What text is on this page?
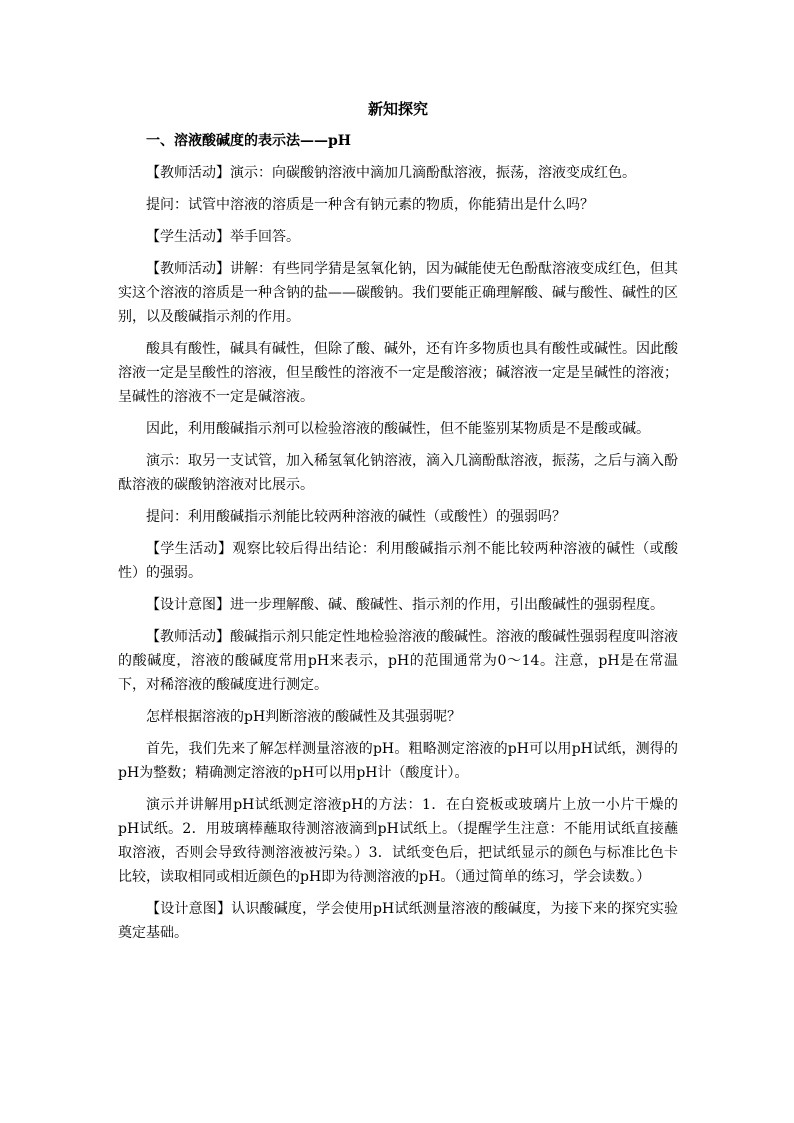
新知探究
一、溶液酸碱度的表示法——pH

【教师活动】演示：向碳酸钠溶液中滴加几滴酚酞溶液，振荡，溶液变成红色。

提问：试管中溶液的溶质是一种含有钠元素的物质，你能猜出是什么吗？

【学生活动】举手回答。

【教师活动】讲解：有些同学猜是氢氧化钠，因为碱能使无色酚酞溶液变成红色，但其实这个溶液的溶质是一种含钠的盐——碳酸钠。我们要能正确理解酸、碱与酸性、碱性的区别，以及酸碱指示剂的作用。

酸具有酸性，碱具有碱性，但除了酸、碱外，还有许多物质也具有酸性或碱性。因此酸溶液一定是呈酸性的溶液，但呈酸性的溶液不一定是酸溶液；碱溶液一定是呈碱性的溶液；呈碱性的溶液不一定是碱溶液。

因此，利用酸碱指示剂可以检验溶液的酸碱性，但不能鉴别某物质是不是酸或碱。

演示：取另一支试管，加入稀氢氧化钠溶液，滴入几滴酚酞溶液，振荡，之后与滴入酚酞溶液的碳酸钠溶液对比展示。

提问：利用酸碱指示剂能比较两种溶液的碱性（或酸性）的强弱吗？

【学生活动】观察比较后得出结论：利用酸碱指示剂不能比较两种溶液的碱性（或酸性）的强弱。

【设计意图】进一步理解酸、碱、酸碱性、指示剂的作用，引出酸碱性的强弱程度。

【教师活动】酸碱指示剂只能定性地检验溶液的酸碱性。溶液的酸碱性强弱程度叫溶液的酸碱度，溶液的酸碱度常用pH来表示，pH的范围通常为0～14。注意，pH是在常温下，对稀溶液的酸碱度进行测定。

怎样根据溶液的pH判断溶液的酸碱性及其强弱呢？

首先，我们先来了解怎样测量溶液的pH。粗略测定溶液的pH可以用pH试纸，测得的pH为整数；精确测定溶液的pH可以用pH计（酸度计）。

演示并讲解用pH试纸测定溶液pH的方法：1．在白瓷板或玻璃片上放一小片干燥的pH试纸。2．用玻璃棒蘸取待测溶液滴到pH试纸上。（提醒学生注意：不能用试纸直接蘸取溶液，否则会导致待测溶液被污染。）3．试纸变色后，把试纸显示的颜色与标准比色卡比较，读取相同或相近颜色的pH即为待测溶液的pH。（通过简单的练习，学会读数。）

【设计意图】认识酸碱度，学会使用pH试纸测量溶液的酸碱度，为接下来的探究实验奠定基础。
